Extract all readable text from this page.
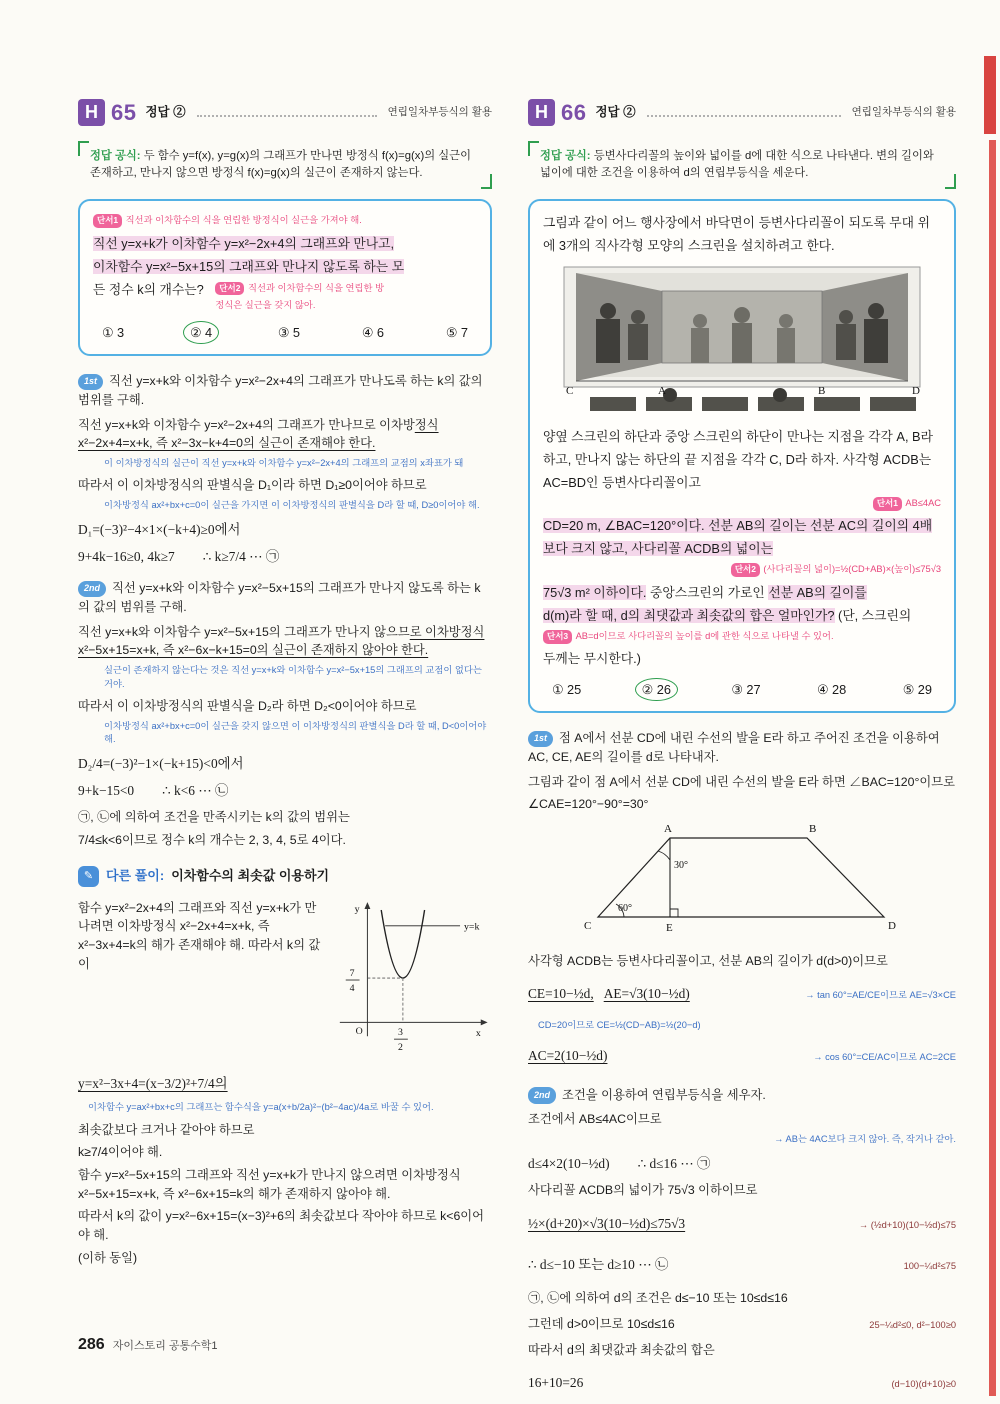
H 65 정답 ②	연립일차부등식의 활용
정답 공식: 두 함수 y=f(x), y=g(x)의 그래프가 만나면 방정식 f(x)=g(x)의 실근이 존재하고, 만나지 않으면 방정식 f(x)=g(x)의 실근이 존재하지 않는다.
단서1 직선과 이차함수의 식을 연립한 방정식이 실근을 가져야 해.
직선 y=x+k가 이차함수 y=x²−2x+4의 그래프와 만나고,
이차함수 y=x²−5x+15의 그래프와 만나지 않도록 하는 모
든 정수 k의 개수는? 단서2 직선과 이차함수의 식을 연립한 방정식은 실근을 갖지 않아.
① 3	② 4	③ 5	④ 6	⑤ 7
1st 직선 y=x+k와 이차함수 y=x²−2x+4의 그래프가 만나도록 하는 k의 값의 범위를 구해.
직선 y=x+k와 이차함수 y=x²−2x+4의 그래프가 만나므로 이차방정식 x²−2x+4=x+k, 즉 x²−3x−k+4=0의 실근이 존재해야 한다.
이 이차방정식의 실근이 직선 y=x+k와 이차함수 y=x²−2x+4의 그래프의 교점의 x좌표가 돼
따라서 이 이차방정식의 판별식을 D₁이라 하면 D₁≥0이어야 하므로
이차방정식 ax²+bx+c=0이 실근을 가지면 이 이차방정식의 판별식을 D라 할 때, D≥0이어야 해.
D₁=(−3)²−4×1×(−k+4)≥0에서
9+4k−16≥0, 4k≥7 ∴ k≥7/4 ⋯ ㉠
2nd 직선 y=x+k와 이차함수 y=x²−5x+15의 그래프가 만나지 않도록 하는 k의 값의 범위를 구해.
직선 y=x+k와 이차함수 y=x²−5x+15의 그래프가 만나지 않으므로 이차방정식 x²−5x+15=x+k, 즉 x²−6x−k+15=0의 실근이 존재하지 않아야 한다.
실근이 존재하지 않는다는 것은 직선 y=x+k와 이차함수 y=x²−5x+15의 그래프의 교점이 없다는 거야.
따라서 이 이차방정식의 판별식을 D₂라 하면 D₂<0이어야 하므로
이차방정식 ax²+bx+c=0이 실근을 갖지 않으면 이 이차방정식의 판별식을 D라 할 때, D<0이어야 해.
D₂/4=(−3)²−1×(−k+15)<0에서
9+k−15<0 ∴ k<6 ⋯ ㉡
㉠, ㉡에 의하여 조건을 만족시키는 k의 값의 범위는
7/4≤k<6이므로 정수 k의 개수는 2, 3, 4, 5로 4이다.
✎ 다른 풀이: 이차함수의 최솟값 이용하기
함수 y=x²−2x+4의 그래프와 직선 y=x+k가 만나려면 이차방정식 x²−2x+4=x+k, 즉 x²−3x+4=k의 해가 존재해야 해. 따라서 k의 값이
y
x
O
y=k
7
4
3
2
y=x²−3x+4=(x−3/2)²+7/4의
이차함수 y=ax²+bx+c의 그래프는 함수식을 y=a(x+b/2a)²−(b²−4ac)/4a로 바꿀 수 있어.
최솟값보다 크거나 같아야 하므로
k≥7/4이어야 해.
함수 y=x²−5x+15의 그래프와 직선 y=x+k가 만나지 않으려면 이차방정식 x²−5x+15=x+k, 즉 x²−6x+15=k의 해가 존재하지 않아야 해.
따라서 k의 값이 y=x²−6x+15=(x−3)²+6의 최솟값보다 작아야 하므로 k<6이어야 해.
(이하 동일)
H 66 정답 ②	연립일차부등식의 활용
정답 공식: 등변사다리꼴의 높이와 넓이를 d에 대한 식으로 나타낸다. 변의 길이와 넓이에 대한 조건을 이용하여 d의 연립부등식을 세운다.
그림과 같이 어느 행사장에서 바닥면이 등변사다리꼴이 되도록 무대 위에 3개의 직사각형 모양의 스크린을 설치하려고 한다.
C	A	B	D
양옆 스크린의 하단과 중앙 스크린의 하단이 만나는 지점을 각각 A, B라 하고, 만나지 않는 하단의 끝 지점을 각각 C, D라 하자. 사각형 ACDB는 AC=BD인 등변사다리꼴이고
단서1 AB≤4AC
CD=20 m, ∠BAC=120°이다. 선분 AB의 길이는 선분 AC의 길이의 4배보다 크지 않고, 사다리꼴 ACDB의 넓이는
단서2 (사다리꼴의 넓이)=½(CD+AB)×(높이)≤75√3
75√3 m² 이하이다. 중앙스크린의 가로인 선분 AB의 길이를
d(m)라 할 때, d의 최댓값과 최솟값의 합은 얼마인가? (단, 스크린의
단서3 AB=d이므로 사다리꼴의 높이를 d에 관한 식으로 나타낼 수 있어.
두께는 무시한다.)
① 25	② 26	③ 27	④ 28	⑤ 29
1st 점 A에서 선분 CD에 내린 수선의 발을 E라 하고 주어진 조건을 이용하여 AC, CE, AE의 길이를 d로 나타내자.
그림과 같이 점 A에서 선분 CD에 내린 수선의 발을 E라 하면 ∠BAC=120°이므로
∠CAE=120°−90°=30°
30°
60°
A	B
C	E	D
사각형 ACDB는 등변사다리꼴이고, 선분 AB의 길이가 d(d>0)이므로
CE=10−½d, AE=√3(10−½d)	→ tan 60°=AE/CE이므로 AE=√3×CE
CD=20이므로 CE=½(CD−AB)=½(20−d)
AC=2(10−½d)	→ cos 60°=CE/AC이므로 AC=2CE
2nd 조건을 이용하여 연립부등식을 세우자.
조건에서 AB≤4AC이므로
→ AB는 4AC보다 크지 않아. 즉, 작거나 같아.
d≤4×2(10−½d) ∴ d≤16 ⋯ ㉠
사다리꼴 ACDB의 넓이가 75√3 이하이므로
½×(d+20)×√3(10−½d)≤75√3	→ (½d+10)(10−½d)≤75
∴ d≤−10 또는 d≥10 ⋯ ㉡	100−¼d²≤75
㉠, ㉡에 의하여 d의 조건은 d≤−10 또는 10≤d≤16
그런데 d>0이므로 10≤d≤16	25−¼d²≤0, d²−100≥0
따라서 d의 최댓값과 최솟값의 합은
16+10=26	(d−10)(d+10)≥0
286 자이스토리 공통수학1
